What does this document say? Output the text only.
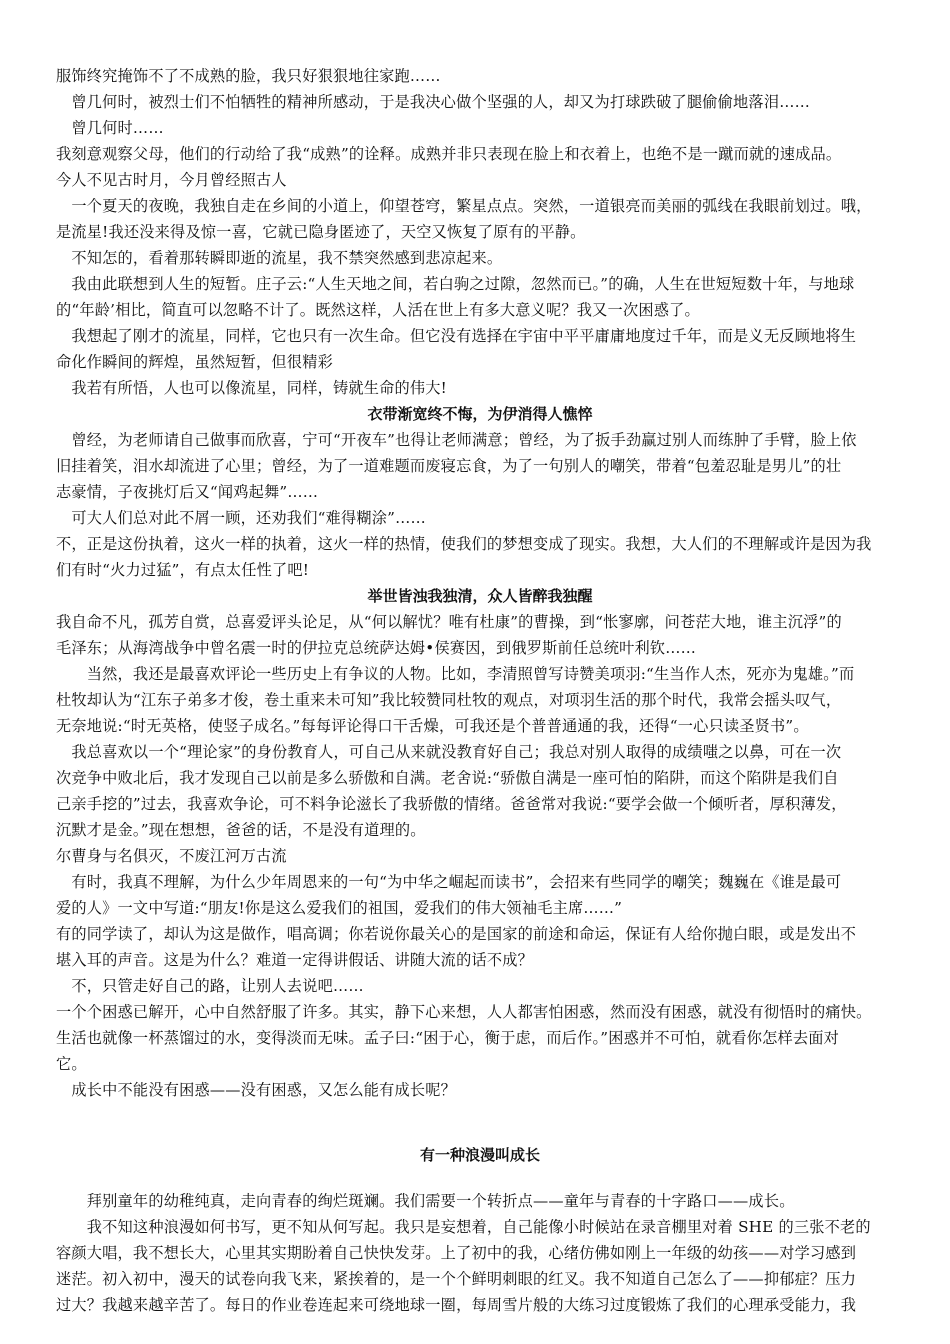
服饰终究掩饰不了不成熟的脸，我只好狠狠地往家跑……
　曾几何时，被烈士们不怕牺牲的精神所感动，于是我决心做个坚强的人，却又为打球跌破了腿偷偷地落泪……
　曾几何时……
我刻意观察父母，他们的行动给了我“成熟”的诠释。成熟并非只表现在脸上和衣着上，也绝不是一蹴而就的速成品。
今人不见古时月，今月曾经照古人
　一个夏天的夜晚，我独自走在乡间的小道上，仰望苍穹，繁星点点。突然，一道银亮而美丽的弧线在我眼前划过。哦，
是流星!我还没来得及惊一喜，它就已隐身匿迹了，天空又恢复了原有的平静。
　不知怎的，看着那转瞬即逝的流星，我不禁突然感到悲凉起来。
　我由此联想到人生的短暂。庄子云:“人生天地之间，若白驹之过隙，忽然而已。”的确，人生在世短短数十年，与地球
的“年龄’相比，简直可以忽略不计了。既然这样，人活在世上有多大意义呢？我又一次困惑了。
　我想起了刚才的流星，同样，它也只有一次生命。但它没有选择在宇宙中平平庸庸地度过千年，而是义无反顾地将生
命化作瞬间的辉煌，虽然短暂，但很精彩
　我若有所悟，人也可以像流星，同样，铸就生命的伟大!
衣带渐宽终不悔，为伊消得人憔悴
　曾经，为老师请自己做事而欣喜，宁可“开夜车”也得让老师满意；曾经，为了扳手劲赢过别人而练肿了手臂，脸上依
旧挂着笑，泪水却流进了心里；曾经，为了一道难题而废寝忘食，为了一句别人的嘲笑，带着“包羞忍耻是男儿”的壮
志豪情，子夜挑灯后又“闻鸡起舞”……
　可大人们总对此不屑一顾，还劝我们“难得糊涂”……
不，正是这份执着，这火一样的执着，这火一样的热情，使我们的梦想变成了现实。我想，大人们的不理解或许是因为我
们有时“火力过猛”，有点太任性了吧!
举世皆浊我独清，众人皆醉我独醒
我自命不凡，孤芳自赏，总喜爱评头论足，从“何以解忧？唯有杜康”的曹操，到“怅寥廓，问苍茫大地，谁主沉浮”的
毛泽东；从海湾战争中曾名震一时的伊拉克总统萨达姆•侯赛因，到俄罗斯前任总统叶利钦……
　　当然，我还是最喜欢评论一些历史上有争议的人物。比如，李清照曾写诗赞美项羽:“生当作人杰，死亦为鬼雄。”而
杜牧却认为“江东子弟多才俊，卷土重来未可知”我比较赞同杜牧的观点，对项羽生活的那个时代，我常会摇头叹气，
无奈地说:“时无英格，使竖子成名。”每每评论得口干舌燥，可我还是个普普通通的我，还得“一心只读圣贤书”。
　我总喜欢以一个“理论家”的身份教育人，可自己从来就没教育好自己；我总对别人取得的成绩嗤之以鼻，可在一次
次竞争中败北后，我才发现自己以前是多么骄傲和自满。老舍说:“骄傲自满是一座可怕的陷阱，而这个陷阱是我们自
己亲手挖的”过去，我喜欢争论，可不料争论滋长了我骄傲的情绪。爸爸常对我说:“要学会做一个倾听者，厚积薄发，
沉默才是金。”现在想想，爸爸的话，不是没有道理的。
尔曹身与名俱灭，不废江河万古流
　有时，我真不理解，为什么少年周恩来的一句“为中华之崛起而读书”，会招来有些同学的嘲笑；魏巍在《谁是最可
爱的人》一文中写道:“朋友!你是这么爱我们的祖国，爱我们的伟大领袖毛主席……”
有的同学读了，却认为这是做作，唱高调；你若说你最关心的是国家的前途和命运，保证有人给你抛白眼，或是发出不
堪入耳的声音。这是为什么？难道一定得讲假话、讲随大流的话不成？
　不，只管走好自己的路，让别人去说吧……
一个个困惑已解开，心中自然舒服了许多。其实，静下心来想，人人都害怕困惑，然而没有困惑，就没有彻悟时的痛快。
生活也就像一杯蒸馏过的水，变得淡而无味。孟子曰:“困于心，衡于虑，而后作。”困惑并不可怕，就看你怎样去面对
它。
　成长中不能没有困惑——没有困惑，又怎么能有成长呢？
有一种浪漫叫成长
　　拜别童年的幼稚纯真，走向青春的绚烂斑斓。我们需要一个转折点——童年与青春的十字路口——成长。
　　我不知这种浪漫如何书写，更不知从何写起。我只是妄想着，自己能像小时候站在录音棚里对着 SHE 的三张不老的
容颜大唱，我不想长大，心里其实期盼着自己快快发芽。上了初中的我，心绪仿佛如刚上一年级的幼孩——对学习感到
迷茫。初入初中，漫天的试卷向我飞来，紧挨着的，是一个个鲜明刺眼的红叉。我不知道自己怎么了——抑郁症？压力
过大？我越来越辛苦了。每日的作业卷连起来可绕地球一圈，每周雪片般的大练习过度锻炼了我们的心理承受能力，我
